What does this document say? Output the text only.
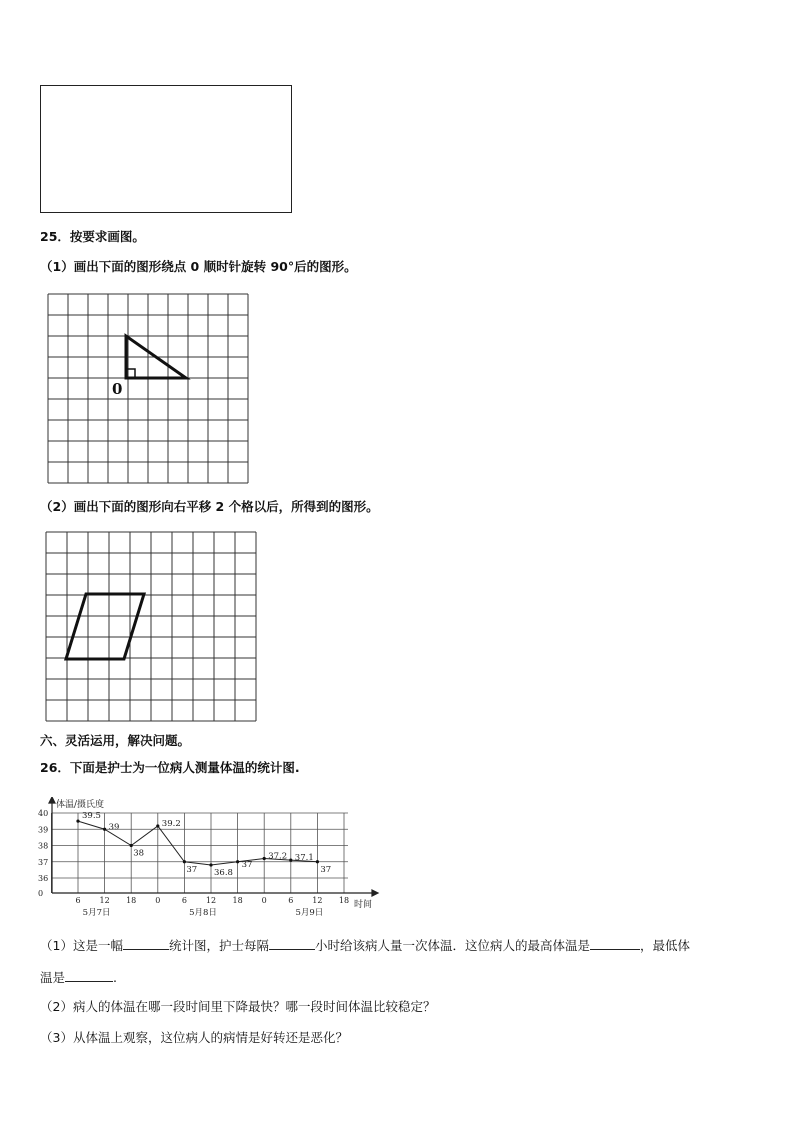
25．按要求画图。
（1）画出下面的图形绕点 0 顺时针旋转 90°后的图形。
0
（2）画出下面的图形向右平移 2 个格以后，所得到的图形。
六、灵活运用，解决问题。
26．下面是护士为一位病人测量体温的统计图.
体温/摄氏度
时间
40
39
38
37
36
0
6 12 18 0	6 12 18 0	6 12 18
5月7日	5月8日	5月9日
39.5
39
38
39.2
37 36.8
37
37.2 37.1
37
（1）这是一幅	统计图，护士每隔	小时给该病人量一次体温．这位病人的最高体温是	，最低体
温是	.
（2）病人的体温在哪一段时间里下降最快？哪一段时间体温比较稳定？
（3）从体温上观察，这位病人的病情是好转还是恶化？
